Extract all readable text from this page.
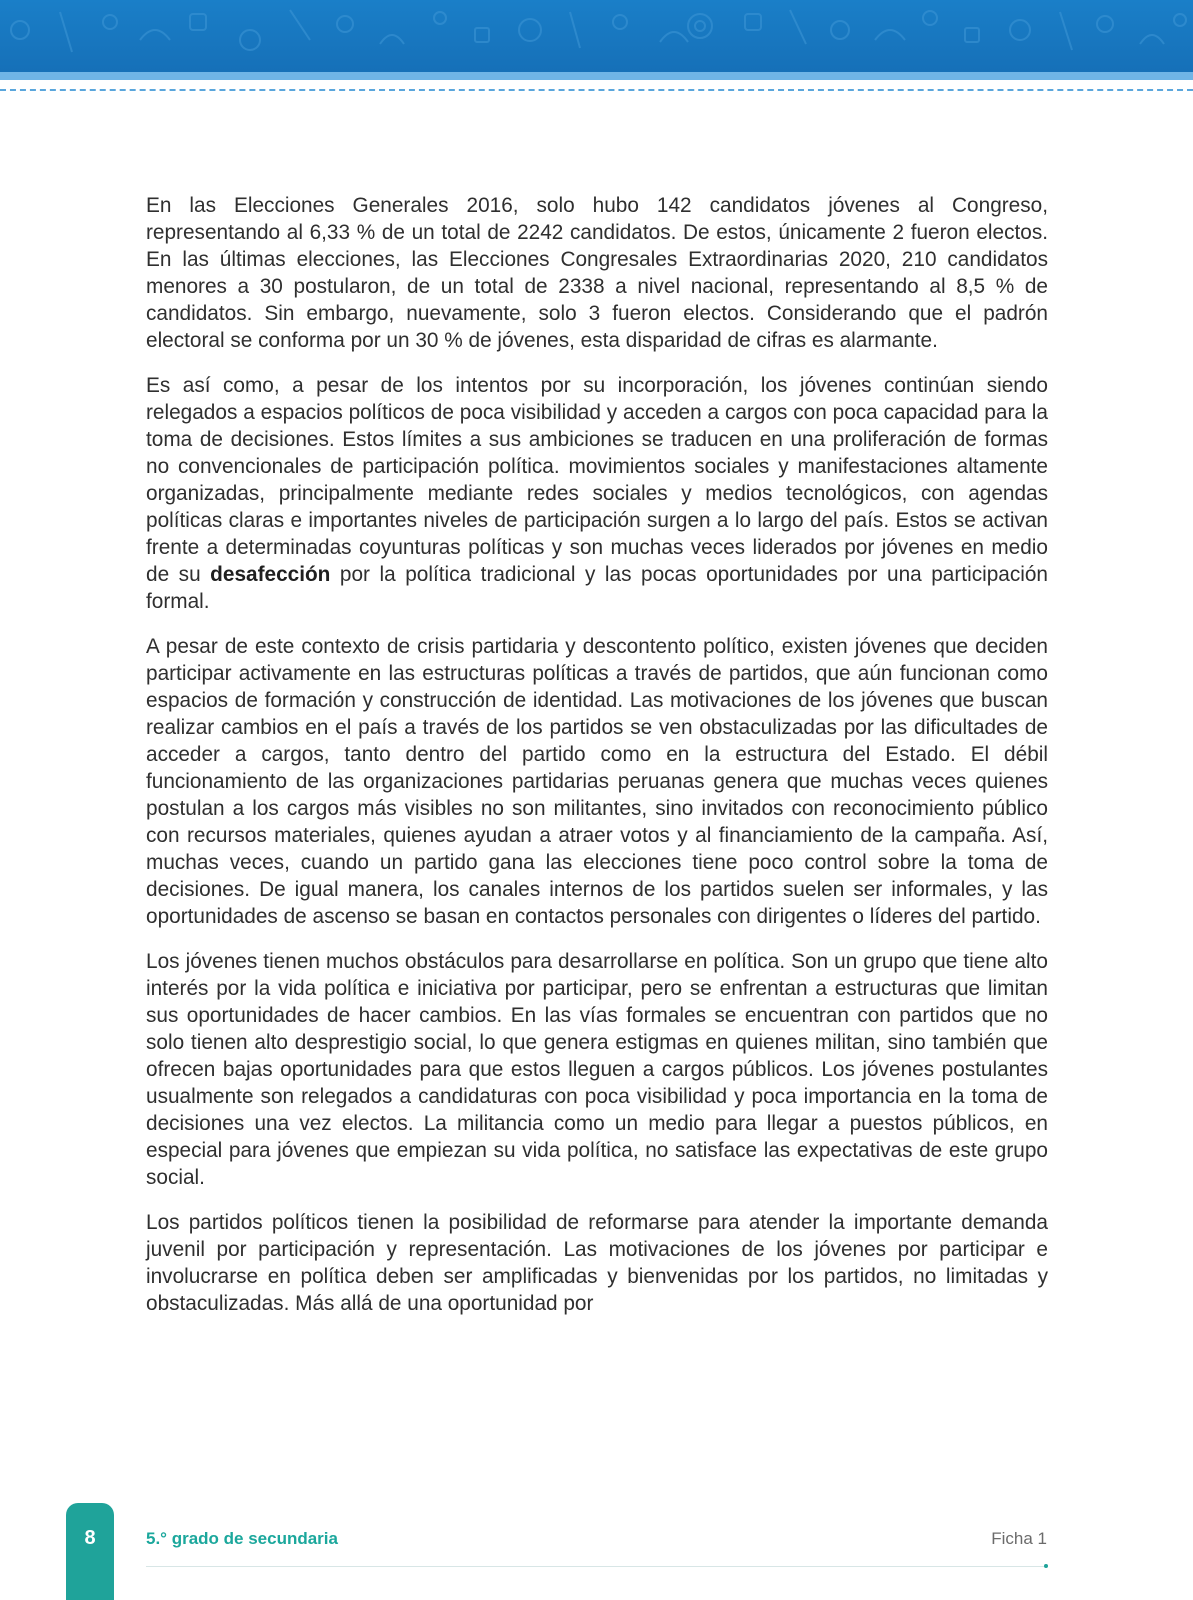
En las Elecciones Generales 2016, solo hubo 142 candidatos jóvenes al Congreso, representando al 6,33 % de un total de 2242 candidatos. De estos, únicamente 2 fueron electos. En las últimas elecciones, las Elecciones Congresales Extraordinarias 2020, 210 candidatos menores a 30 postularon, de un total de 2338 a nivel nacional, representando al 8,5 % de candidatos. Sin embargo, nuevamente, solo 3 fueron electos. Considerando que el padrón electoral se conforma por un 30 % de jóvenes, esta disparidad de cifras es alarmante.

Es así como, a pesar de los intentos por su incorporación, los jóvenes continúan siendo relegados a espacios políticos de poca visibilidad y acceden a cargos con poca capacidad para la toma de decisiones. Estos límites a sus ambiciones se traducen en una proliferación de formas no convencionales de participación política. movimientos sociales y manifestaciones altamente organizadas, principalmente mediante redes sociales y medios tecnológicos, con agendas políticas claras e importantes niveles de participación surgen a lo largo del país. Estos se activan frente a determinadas coyunturas políticas y son muchas veces liderados por jóvenes en medio de su desafección por la política tradicional y las pocas oportunidades por una participación formal.

A pesar de este contexto de crisis partidaria y descontento político, existen jóvenes que deciden participar activamente en las estructuras políticas a través de partidos, que aún funcionan como espacios de formación y construcción de identidad. Las motivaciones de los jóvenes que buscan realizar cambios en el país a través de los partidos se ven obstaculizadas por las dificultades de acceder a cargos, tanto dentro del partido como en la estructura del Estado. El débil funcionamiento de las organizaciones partidarias peruanas genera que muchas veces quienes postulan a los cargos más visibles no son militantes, sino invitados con reconocimiento público con recursos materiales, quienes ayudan a atraer votos y al financiamiento de la campaña. Así, muchas veces, cuando un partido gana las elecciones tiene poco control sobre la toma de decisiones. De igual manera, los canales internos de los partidos suelen ser informales, y las oportunidades de ascenso se basan en contactos personales con dirigentes o líderes del partido.

Los jóvenes tienen muchos obstáculos para desarrollarse en política. Son un grupo que tiene alto interés por la vida política e iniciativa por participar, pero se enfrentan a estructuras que limitan sus oportunidades de hacer cambios. En las vías formales se encuentran con partidos que no solo tienen alto desprestigio social, lo que genera estigmas en quienes militan, sino también que ofrecen bajas oportunidades para que estos lleguen a cargos públicos. Los jóvenes postulantes usualmente son relegados a candidaturas con poca visibilidad y poca importancia en la toma de decisiones una vez electos. La militancia como un medio para llegar a puestos públicos, en especial para jóvenes que empiezan su vida política, no satisface las expectativas de este grupo social.

Los partidos políticos tienen la posibilidad de reformarse para atender la importante demanda juvenil por participación y representación. Las motivaciones de los jóvenes por participar e involucrarse en política deben ser amplificadas y bienvenidas por los partidos, no limitadas y obstaculizadas. Más allá de una oportunidad por

8	5.° grado de secundaria	Ficha 1
